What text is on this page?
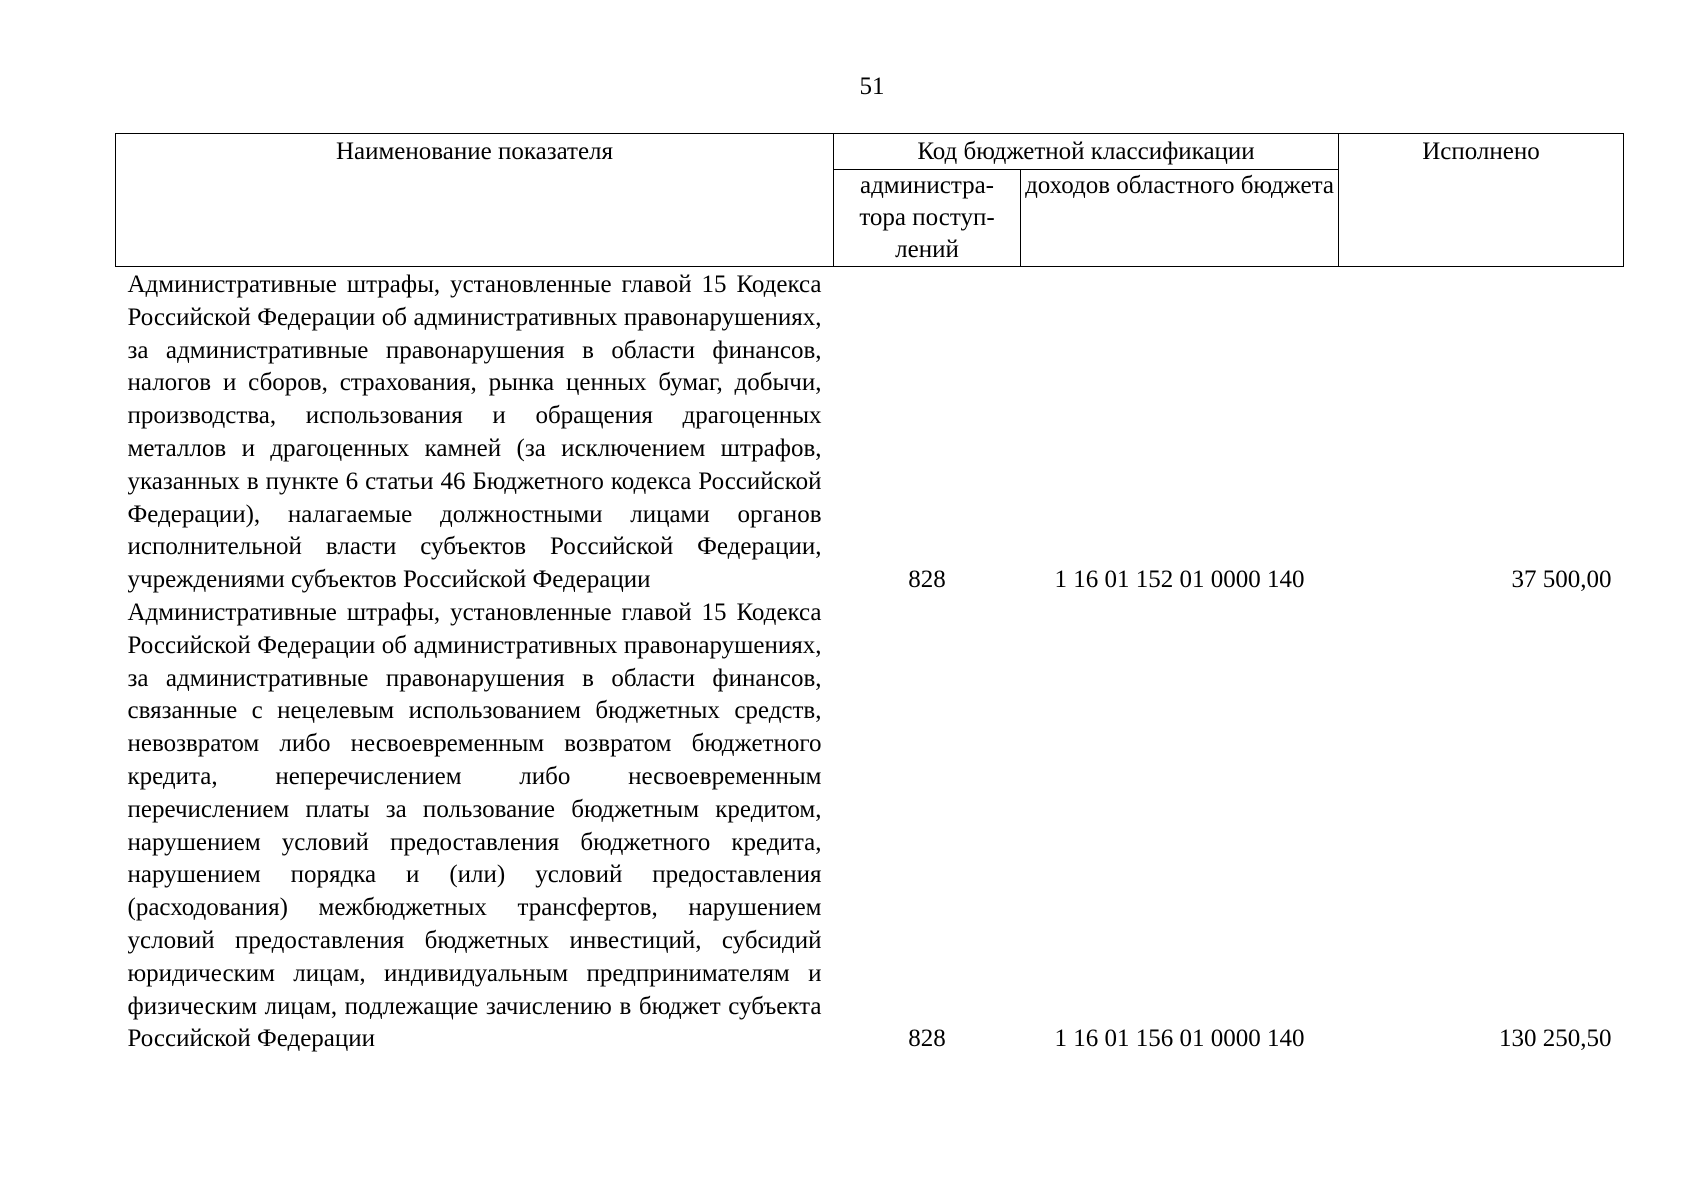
51
Наименование показателя	Код бюджетной классификации		Исполнено
	администра-тора поступ-лений	доходов областного бюджета	
Административные штрафы, установленные главой 15 Кодекса Российской Федерации об административных правонарушениях, за административные правонарушения в области финансов, налогов и сборов, страхования, рынка ценных бумаг, добычи, производства, использования и обращения драгоценных металлов и драгоценных камней (за исключением штрафов, указанных в пункте 6 статьи 46 Бюджетного кодекса Российской Федерации), налагаемые должностными лицами органов исполнительной власти субъектов Российской Федерации, учреждениями субъектов Российской Федерации	828	1 16 01 152 01 0000 140	37 500,00
Административные штрафы, установленные главой 15 Кодекса Российской Федерации об административных правонарушениях, за административные правонарушения в области финансов, связанные с нецелевым использованием бюджетных средств, невозвратом либо несвоевременным возвратом бюджетного кредита, неперечислением либо несвоевременным перечислением платы за пользование бюджетным кредитом, нарушением условий предоставления бюджетного кредита, нарушением порядка и (или) условий предоставления (расходования) межбюджетных трансфертов, нарушением условий предоставления бюджетных инвестиций, субсидий юридическим лицам, индивидуальным предпринимателям и физическим лицам, подлежащие зачислению в бюджет субъекта Российской Федерации	828	1 16 01 156 01 0000 140	130 250,50
